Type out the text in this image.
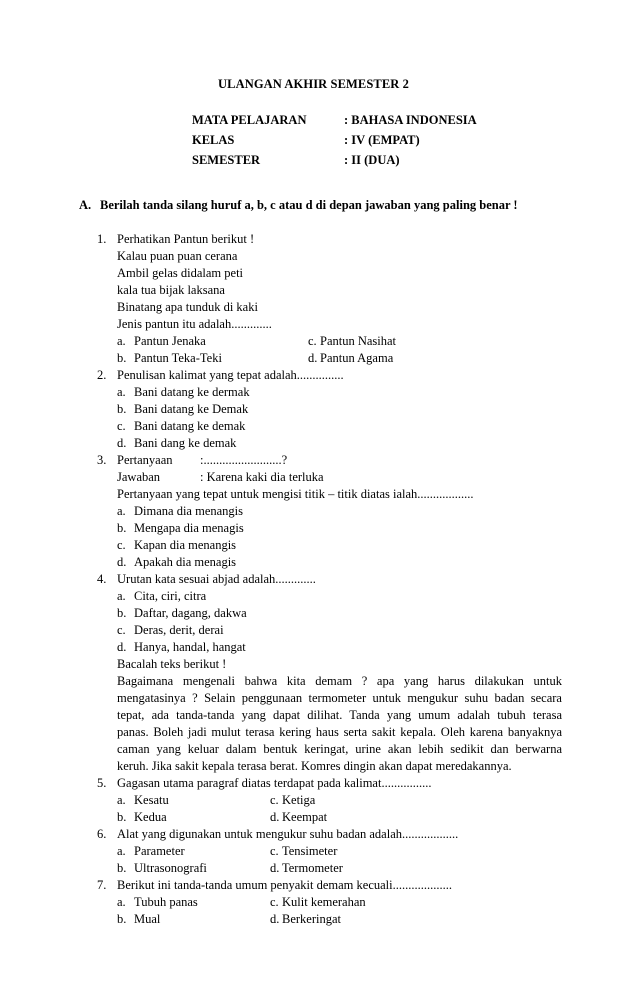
ULANGAN AKHIR SEMESTER 2
MATA PELAJARAN	: BAHASA INDONESIA
KELAS	: IV (EMPAT)
SEMESTER	: II (DUA)
A. Berilah tanda silang huruf a, b, c atau d di depan jawaban yang paling benar !
1. Perhatikan Pantun berikut !
Kalau puan puan cerana
Ambil gelas didalam peti
kala tua bijak laksana
Binatang apa tunduk di kaki
Jenis pantun itu adalah.............
a. Pantun Jenaka	c. Pantun Nasihat
b. Pantun Teka-Teki	d. Pantun Agama
2. Penulisan kalimat yang tepat adalah...............
a. Bani datang ke dermak
b. Bani datang ke Demak
c. Bani datang ke demak
d. Bani dang ke demak
3. Pertanyaan :.........................?
Jawaban	: Karena kaki dia terluka
Pertanyaan yang tepat untuk mengisi titik – titik diatas ialah..................
a. Dimana dia menangis
b. Mengapa dia menagis
c. Kapan dia menangis
d. Apakah dia menagis
4. Urutan kata sesuai abjad adalah.............
a. Cita, ciri, citra
b. Daftar, dagang, dakwa
c. Deras, derit, derai
d. Hanya, handal, hangat
Bacalah teks berikut !
Bagaimana mengenali bahwa kita demam ? apa yang harus dilakukan untuk
mengatasinya ? Selain penggunaan termometer untuk mengukur suhu badan secara
tepat, ada tanda-tanda yang dapat dilihat. Tanda yang umum adalah tubuh terasa
panas. Boleh jadi mulut terasa kering haus serta sakit kepala. Oleh karena banyaknya
caman yang keluar dalam bentuk keringat, urine akan lebih sedikit dan berwarna
keruh. Jika sakit kepala terasa berat. Komres dingin akan dapat meredakannya.
5. Gagasan utama paragraf diatas terdapat pada kalimat................
a. Kesatu	c. Ketiga
b. Kedua	d. Keempat
6. Alat yang digunakan untuk mengukur suhu badan adalah..................
a. Parameter	c. Tensimeter
b. Ultrasonografi	d. Termometer
7. Berikut ini tanda-tanda umum penyakit demam kecuali...................
a. Tubuh panas	c. Kulit kemerahan
b. Mual	d. Berkeringat
